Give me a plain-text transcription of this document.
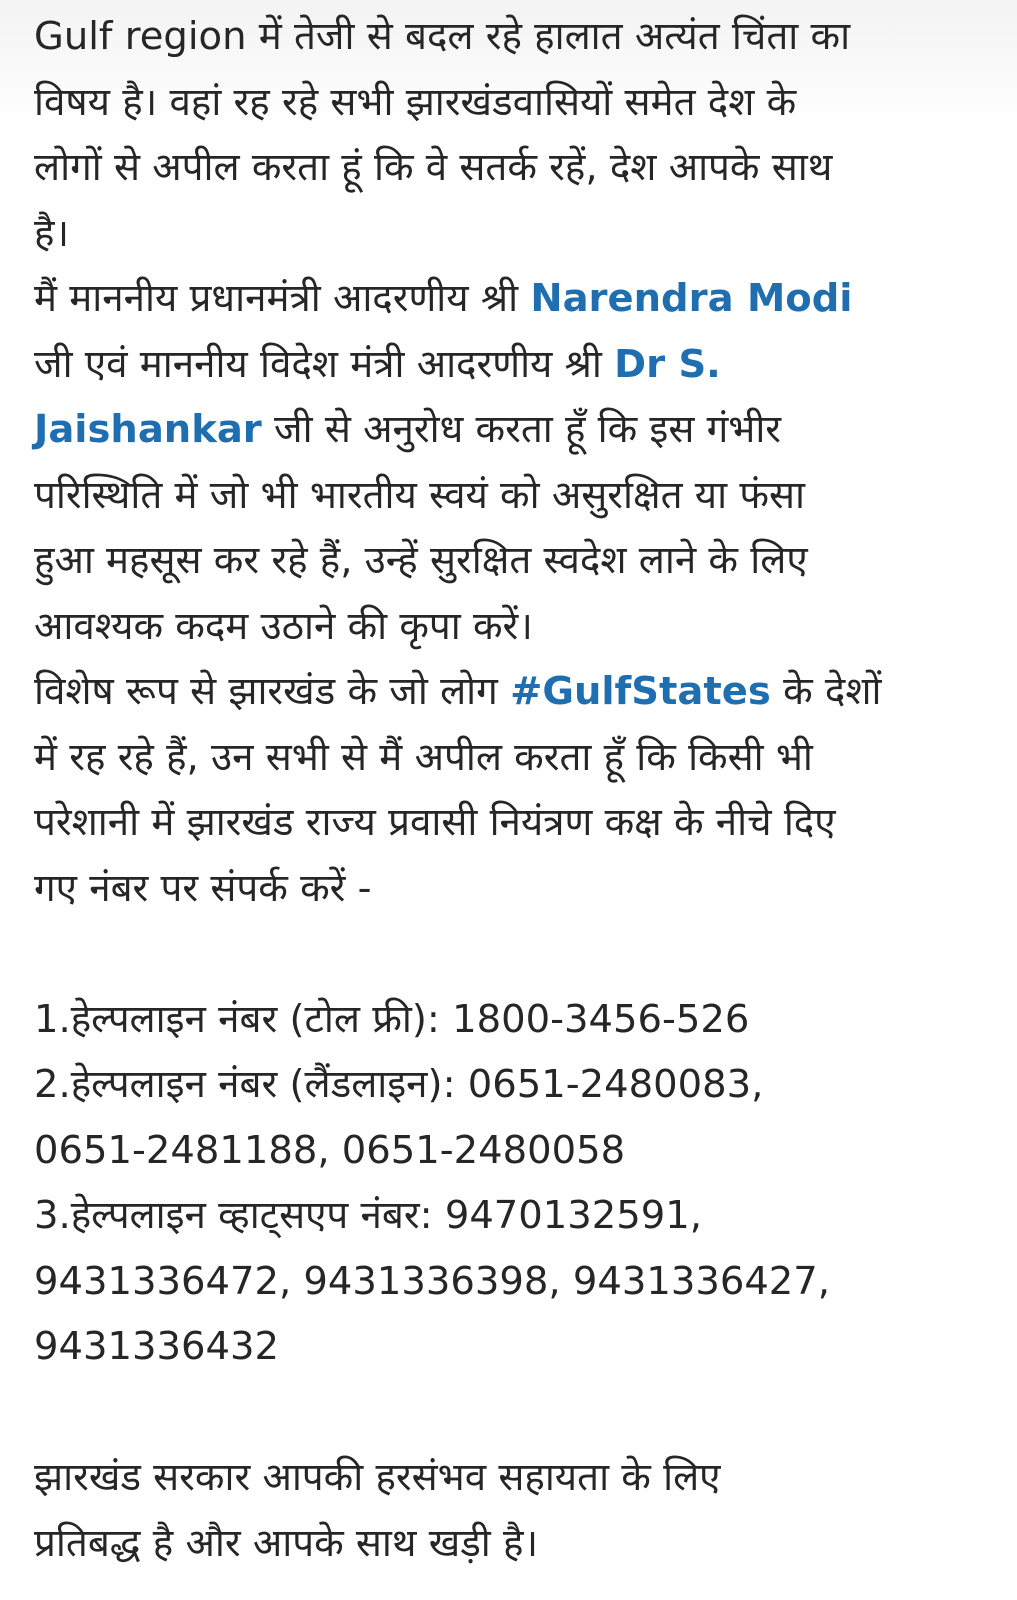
Gulf region में तेजी से बदल रहे हालात अत्यंत चिंता का
विषय है। वहां रह रहे सभी झारखंडवासियों समेत देश के
लोगों से अपील करता हूं कि वे सतर्क रहें, देश आपके साथ
है।
मैं माननीय प्रधानमंत्री आदरणीय श्री Narendra Modi
जी एवं माननीय विदेश मंत्री आदरणीय श्री Dr S.
Jaishankar जी से अनुरोध करता हूँ कि इस गंभीर
परिस्थिति में जो भी भारतीय स्वयं को असुरक्षित या फंसा
हुआ महसूस कर रहे हैं, उन्हें सुरक्षित स्वदेश लाने के लिए
आवश्यक कदम उठाने की कृपा करें।
विशेष रूप से झारखंड के जो लोग #GulfStates के देशों
में रह रहे हैं, उन सभी से मैं अपील करता हूँ कि किसी भी
परेशानी में झारखंड राज्य प्रवासी नियंत्रण कक्ष के नीचे दिए
गए नंबर पर संपर्क करें -
1.हेल्पलाइन नंबर (टोल फ्री): 1800-3456-526
2.हेल्पलाइन नंबर (लैंडलाइन): 0651-2480083,
0651-2481188, 0651-2480058
3.हेल्पलाइन व्हाट्सएप नंबर: 9470132591,
9431336472, 9431336398, 9431336427,
9431336432
झारखंड सरकार आपकी हरसंभव सहायता के लिए
प्रतिबद्ध है और आपके साथ खड़ी है।
